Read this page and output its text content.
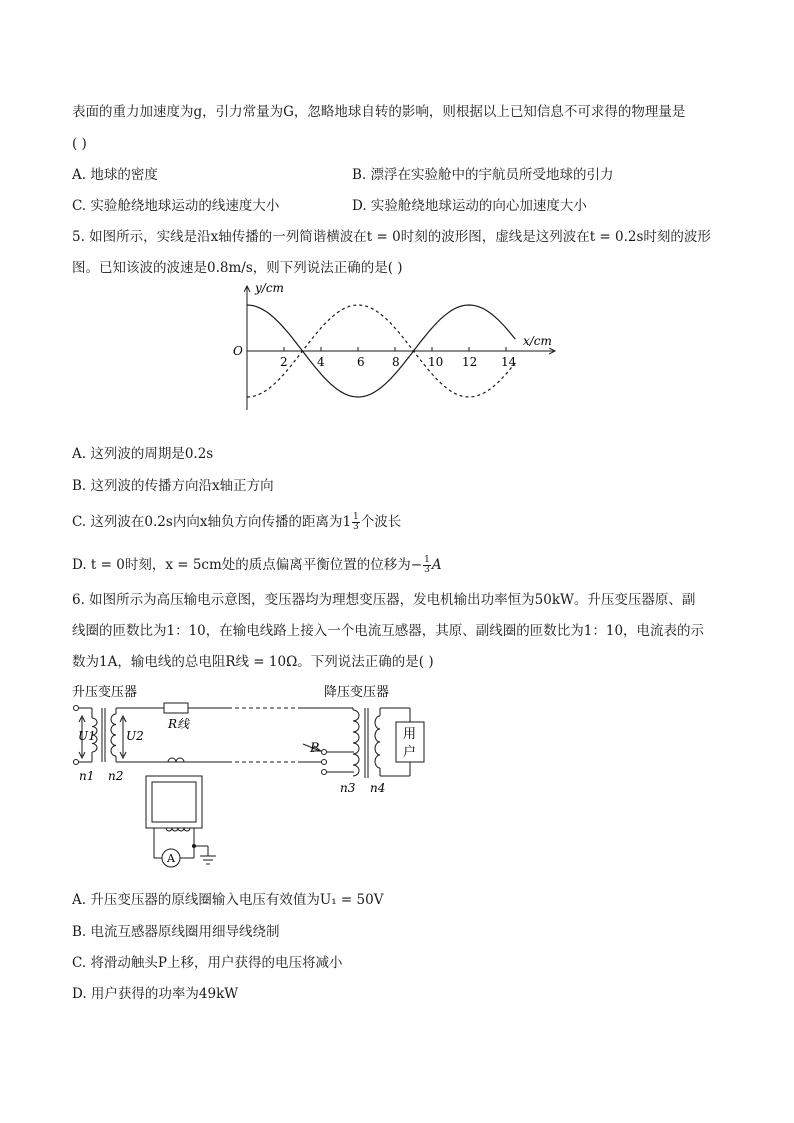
表面的重力加速度为g，引力常量为G，忽略地球自转的影响，则根据以上已知信息不可求得的物理量是
( )
A. 地球的密度	B. 漂浮在实验舱中的宇航员所受地球的引力
C. 实验舱绕地球运动的线速度大小	D. 实验舱绕地球运动的向心加速度大小
5. 如图所示，实线是沿x轴传播的一列简谐横波在t = 0时刻的波形图，虚线是这列波在t = 0.2s时刻的波形
图。已知该波的波速是0.8m/s，则下列说法正确的是( )
y/cm
x/cm
O
2 4	6 8 10 12 14
A. 这列波的周期是0.2s
B. 这列波的传播方向沿x轴正方向
C. 这列波在0.2s内向x轴负方向传播的距离为$1 \frac{1}{3}$ 个波长
D. t = 0时刻，x = 5cm处的质点偏离平衡位置的位移为− $\frac{1}{3}$ A
6. 如图所示为高压输电示意图，变压器均为理想变压器，发电机输出功率恒为50kW。升压变压器原、副
线圈的匝数比为1：10，在输电线路上接入一个电流互感器，其原、副线圈的匝数比为1：10，电流表的示
数为1A，输电线的总电阻R线 = 10Ω。下列说法正确的是( )
升压变压器	降压变压器
U1	U2
n1 n2
R线
A
P
用
户
n3 n4
A. 升压变压器的原线圈输入电压有效值为U₁ = 50V
B. 电流互感器原线圈用细导线绕制
C. 将滑动触头P上移，用户获得的电压将减小
D. 用户获得的功率为49kW
